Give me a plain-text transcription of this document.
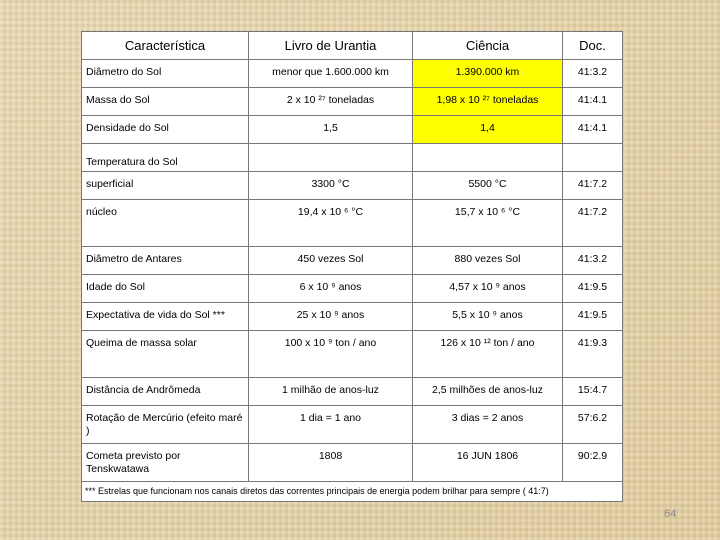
Característica	Livro de Urantia	Ciência	Doc.
Diâmetro do Sol	menor que 1.600.000 km	1.390.000 km	41:3.2
Massa do Sol	2 x 10 ²⁷ toneladas	1,98 x 10 ²⁷ toneladas	41:4.1
Densidade do Sol	1,5	1,4	41:4.1
Temperatura do Sol			
superficial	3300 °C	5500 °C	41:7.2
núcleo	19,4 x 10 ⁶ °C	15,7 x 10 ⁶ °C	41:7.2
Diâmetro de Antares	450 vezes Sol	880 vezes Sol	41:3.2
Idade do Sol	6 x 10 ⁹ anos	4,57 x 10 ⁹ anos	41:9.5
Expectativa de vida do Sol ***	25 x 10 ⁹ anos	5,5 x 10 ⁹ anos	41:9.5
Queima de massa solar	100 x 10 ⁹ ton / ano	126 x 10 ¹² ton / ano	41:9.3
Distância de Andrômeda	1 milhão de anos-luz	2,5 milhões de anos-luz	15:4.7
Rotação de Mercúrio (efeito maré )	1 dia = 1 ano	3 dias = 2 anos	57:6.2
Cometa previsto por Tenskwatawa	1808	16 JUN 1806	90:2.9
*** Estrelas que funcionam nos canais diretos das correntes principais de energia podem brilhar para sempre ( 41:7)			
64
